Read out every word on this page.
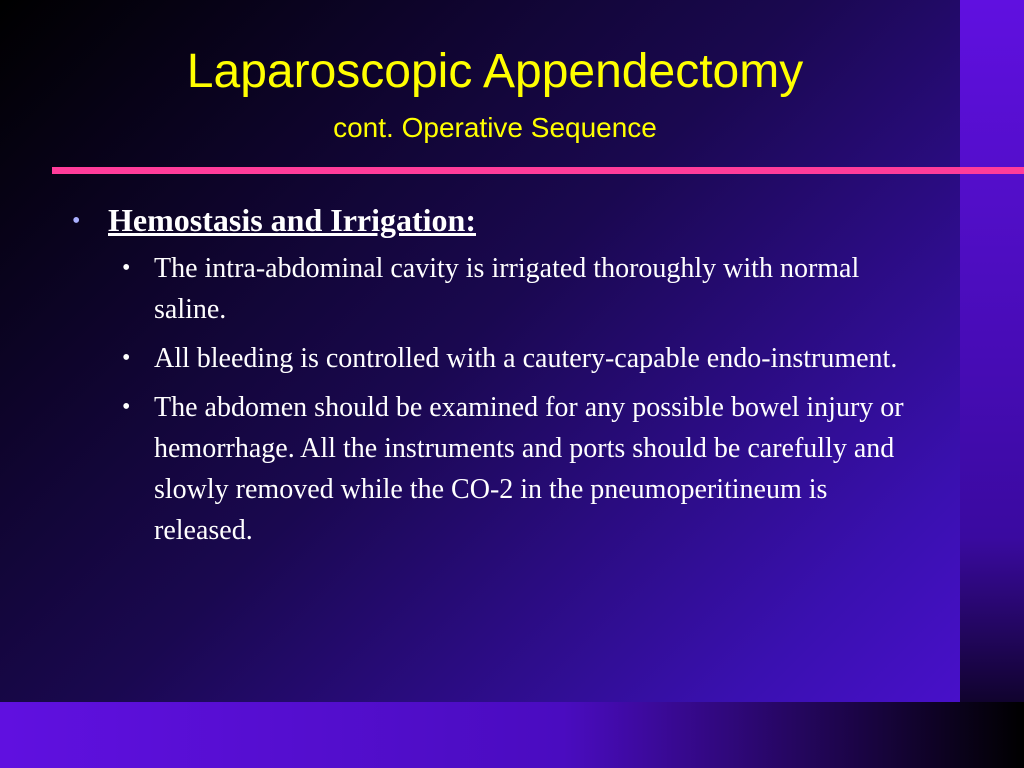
Laparoscopic Appendectomy
cont. Operative Sequence
• Hemostasis and Irrigation:
• The intra-abdominal cavity is irrigated thoroughly with normal saline.
• All bleeding is controlled with a cautery-capable endo-instrument.
• The abdomen should be examined for any possible bowel injury or hemorrhage. All the instruments and ports should be carefully and slowly removed while the CO-2 in the pneumoperitineum is released.
